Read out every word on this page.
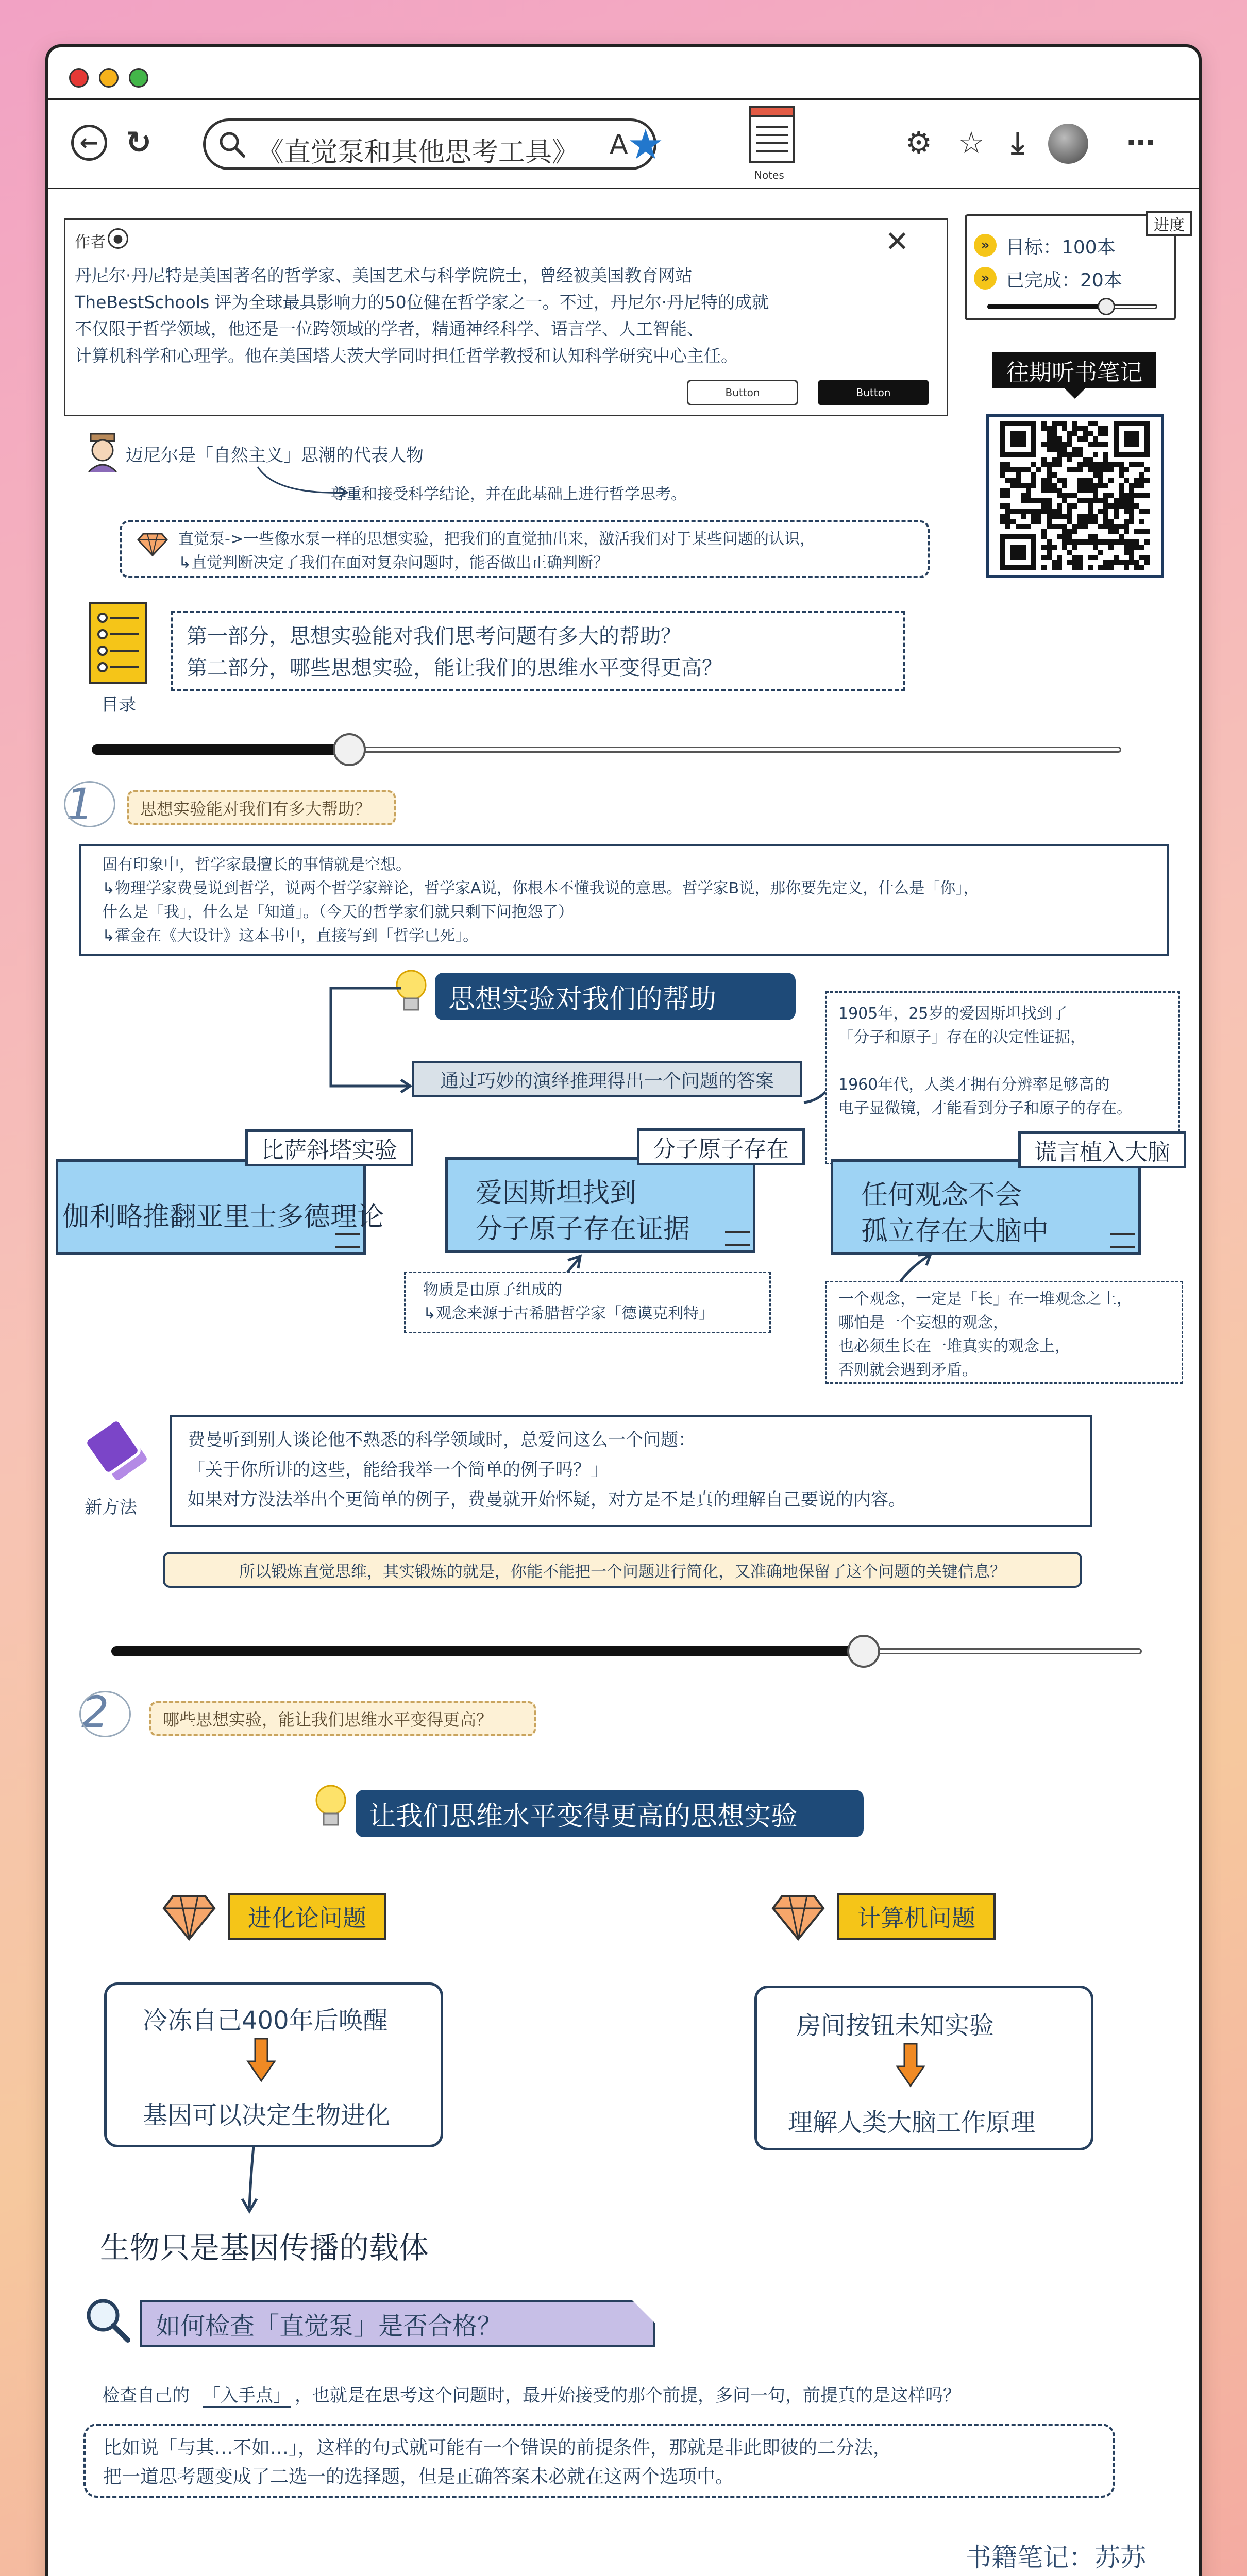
← ↻	《直觉泵和其他思考工具》 A
★
Notes
⚙ ☆ ⤓	⋯
作者 ●	✕
丹尼尔·丹尼特是美国著名的哲学家、美国艺术与科学院院士，曾经被美国教育网站
TheBestSchools 评为全球最具影响力的50位健在哲学家之一。不过，丹尼尔·丹尼特的成就
不仅限于哲学领域，他还是一位跨领域的学者，精通神经科学、语言学、人工智能、
计算机科学和心理学。他在美国塔夫茨大学同时担任哲学教授和认知科学研究中心主任。
Button	Button
» 目标：100本
» 已完成：20本
进度
往期听书笔记
迈尼尔是「自然主义」思潮的代表人物
尊重和接受科学结论，并在此基础上进行哲学思考。
直觉泵->一些像水泵一样的思想实验，把我们的直觉抽出来，激活我们对于某些问题的认识，
↳直觉判断决定了我们在面对复杂问题时，能否做出正确判断？
目录
第一部分，思想实验能对我们思考问题有多大的帮助？
第二部分，哪些思想实验，能让我们的思维水平变得更高？
1	思想实验能对我们有多大帮助？
固有印象中，哲学家最擅长的事情就是空想。
↳物理学家费曼说到哲学，说两个哲学家辩论，哲学家A说，你根本不懂我说的意思。哲学家B说，那你要先定义，什么是「你」，
什么是「我」，什么是「知道」。（今天的哲学家们就只剩下问抱怨了）
↳霍金在《大设计》这本书中，直接写到「哲学已死」。
思想实验对我们的帮助
通过巧妙的演绎推理得出一个问题的答案
1905年，25岁的爱因斯坦找到了
「分子和原子」存在的决定性证据，
1960年代，人类才拥有分辨率足够高的
电子显微镜，才能看到分子和原子的存在。
伽利略推翻亚里士多德理论
比萨斜塔实验
爱因斯坦找到
分子原子存在证据
分子原子存在
任何观念不会
孤立存在大脑中
谎言植入大脑
物质是由原子组成的
↳观念来源于古希腊哲学家「德谟克利特」
一个观念，一定是「长」在一堆观念之上，
哪怕是一个妄想的观念，
也必须生长在一堆真实的观念上，
否则就会遇到矛盾。
新方法
费曼听到别人谈论他不熟悉的科学领域时，总爱问这么一个问题：
「关于你所讲的这些，能给我举一个简单的例子吗？」
如果对方没法举出个更简单的例子，费曼就开始怀疑，对方是不是真的理解自己要说的内容。
所以锻炼直觉思维，其实锻炼的就是，你能不能把一个问题进行简化，又准确地保留了这个问题的关键信息？
2	哪些思想实验，能让我们思维水平变得更高？
让我们思维水平变得更高的思想实验
进化论问题
冷冻自己400年后唤醒
基因可以决定生物进化
生物只是基因传播的载体
计算机问题
房间按钮未知实验
理解人类大脑工作原理
如何检查「直觉泵」是否合格？
检查自己的 「入手点」 ，也就是在思考这个问题时，最开始接受的那个前提，多问一句，前提真的是这样吗？
比如说「与其…不如…」，这样的句式就可能有一个错误的前提条件，那就是非此即彼的二分法，
把一道思考题变成了二选一的选择题，但是正确答案未必就在这两个选项中。
书籍笔记：苏苏
